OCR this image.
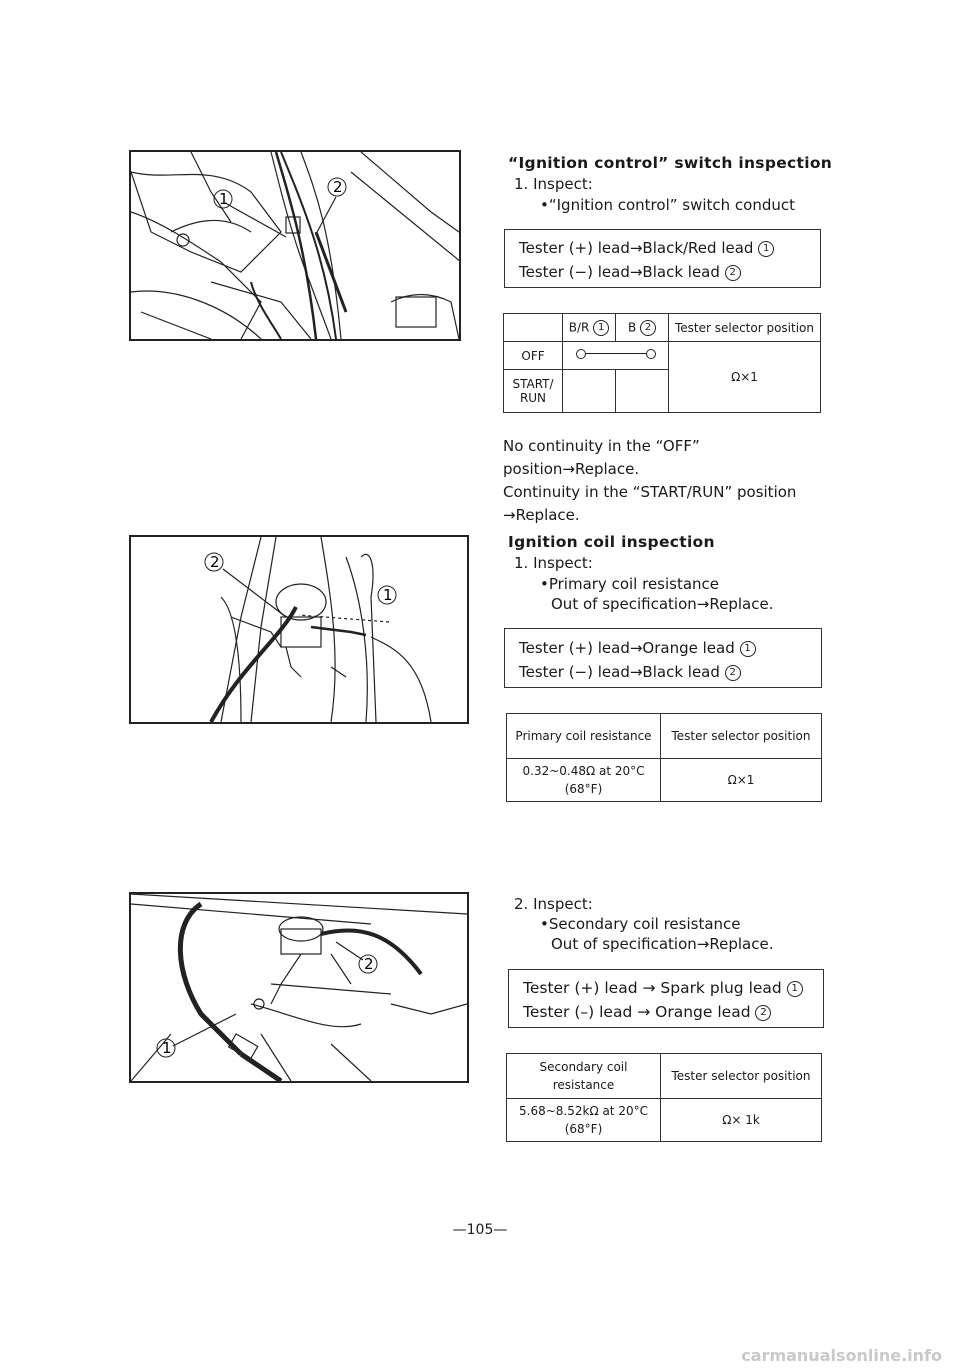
1
2
“Ignition control” switch inspection
1. Inspect:
•“Ignition control” switch conduct
Tester (+) lead→Black/Red lead 1
Tester (−) lead→Black lead 2
	B/R 1	B 2	Tester selector position
OFF			Ω×1
START/ RUN			
No continuity in the “OFF” position→Replace.
Continuity in the “START/RUN” position
→Replace.
1
2
Ignition coil inspection
1. Inspect:
•Primary coil resistance
Out of specification→Replace.
Tester (+) lead→Orange lead 1
Tester (−) lead→Black lead 2
Primary coil resistance	Tester selector position
0.32~0.48Ω at 20°C (68°F)	Ω×1
1
2
2. Inspect:
•Secondary coil resistance
Out of specification→Replace.
Tester (+) lead → Spark plug lead 1
Tester (–) lead → Orange lead 2
Secondary coil resistance	Tester selector position
5.68~8.52kΩ at 20°C (68°F)	Ω× 1k
—105—
carmanualsonline.info
